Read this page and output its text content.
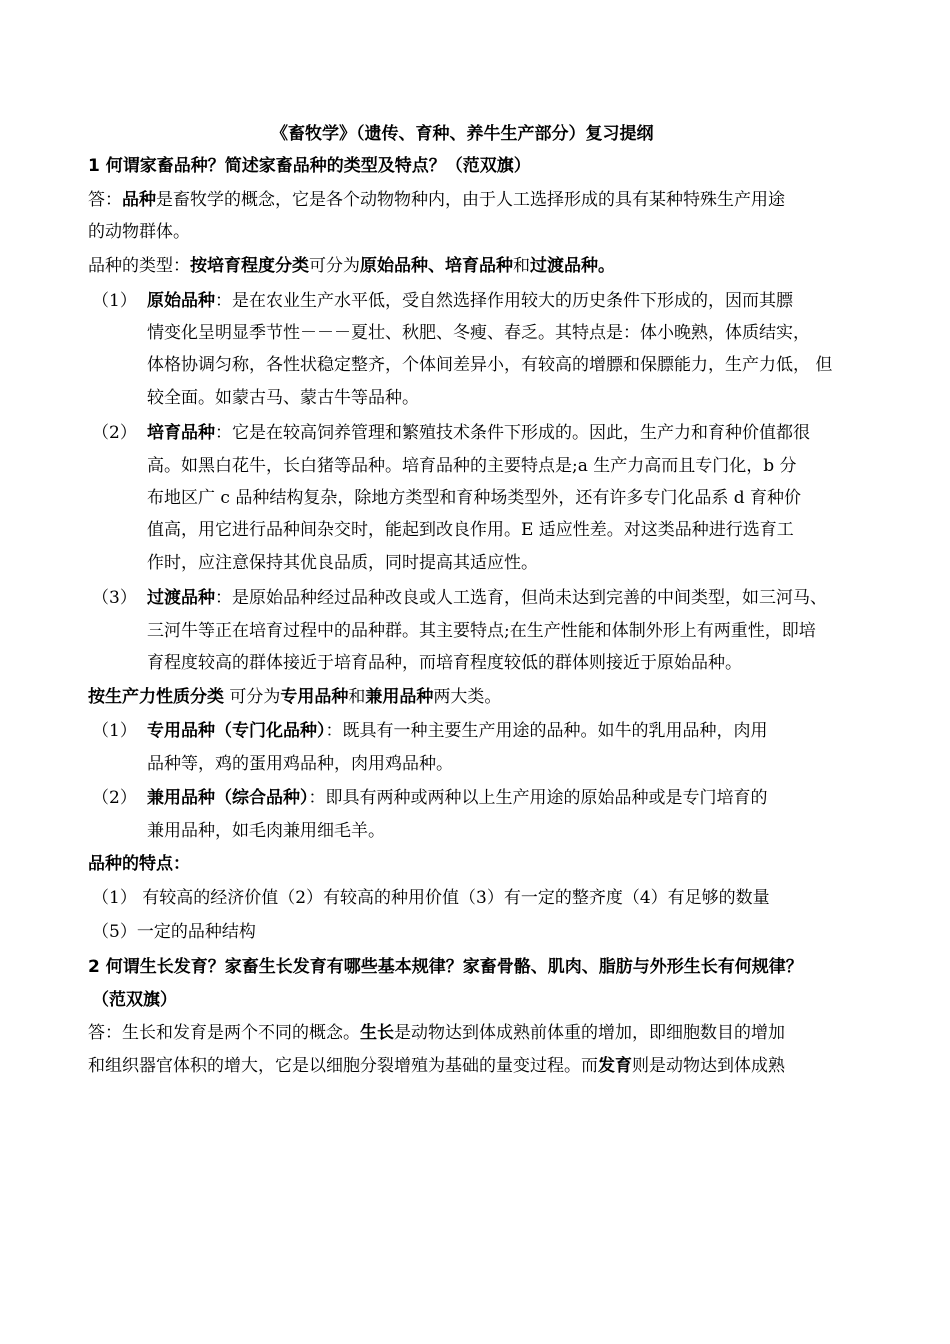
《畜牧学》（遗传、育种、养牛生产部分）复习提纲
1 何谓家畜品种？简述家畜品种的类型及特点？（范双旗）
答：品种是畜牧学的概念，它是各个动物物种内，由于人工选择形成的具有某种特殊生产用途
的动物群体。
品种的类型：按培育程度分类可分为原始品种、培育品种和过渡品种。
（1） 原始品种：是在农业生产水平低，受自然选择作用较大的历史条件下形成的，因而其膘
情变化呈明显季节性－－－夏壮、秋肥、冬瘦、春乏。其特点是：体小晚熟，体质结实，
体格协调匀称，各性状稳定整齐，个体间差异小，有较高的增膘和保膘能力，生产力低， 但
较全面。如蒙古马、蒙古牛等品种。
（2） 培育品种：它是在较高饲养管理和繁殖技术条件下形成的。因此，生产力和育种价值都很
高。如黑白花牛，长白猪等品种。培育品种的主要特点是;a 生产力高而且专门化，b 分
布地区广 c 品种结构复杂，除地方类型和育种场类型外，还有许多专门化品系 d 育种价
值高，用它进行品种间杂交时，能起到改良作用。E 适应性差。对这类品种进行选育工
作时，应注意保持其优良品质，同时提高其适应性。
（3） 过渡品种：是原始品种经过品种改良或人工选育，但尚未达到完善的中间类型，如三河马、
三河牛等正在培育过程中的品种群。其主要特点;在生产性能和体制外形上有两重性，即培
育程度较高的群体接近于培育品种，而培育程度较低的群体则接近于原始品种。
按生产力性质分类 可分为专用品种和兼用品种两大类。
（1） 专用品种（专门化品种）：既具有一种主要生产用途的品种。如牛的乳用品种，肉用
品种等，鸡的蛋用鸡品种，肉用鸡品种。
（2） 兼用品种（综合品种）：即具有两种或两种以上生产用途的原始品种或是专门培育的
兼用品种，如毛肉兼用细毛羊。
品种的特点：
（1） 有较高的经济价值（2）有较高的种用价值（3）有一定的整齐度（4）有足够的数量
（5）一定的品种结构
2 何谓生长发育？家畜生长发育有哪些基本规律？家畜骨骼、肌肉、脂肪与外形生长有何规律？
（范双旗）
答：生长和发育是两个不同的概念。生长是动物达到体成熟前体重的增加，即细胞数目的增加
和组织器官体积的增大，它是以细胞分裂增殖为基础的量变过程。而发育则是动物达到体成熟
